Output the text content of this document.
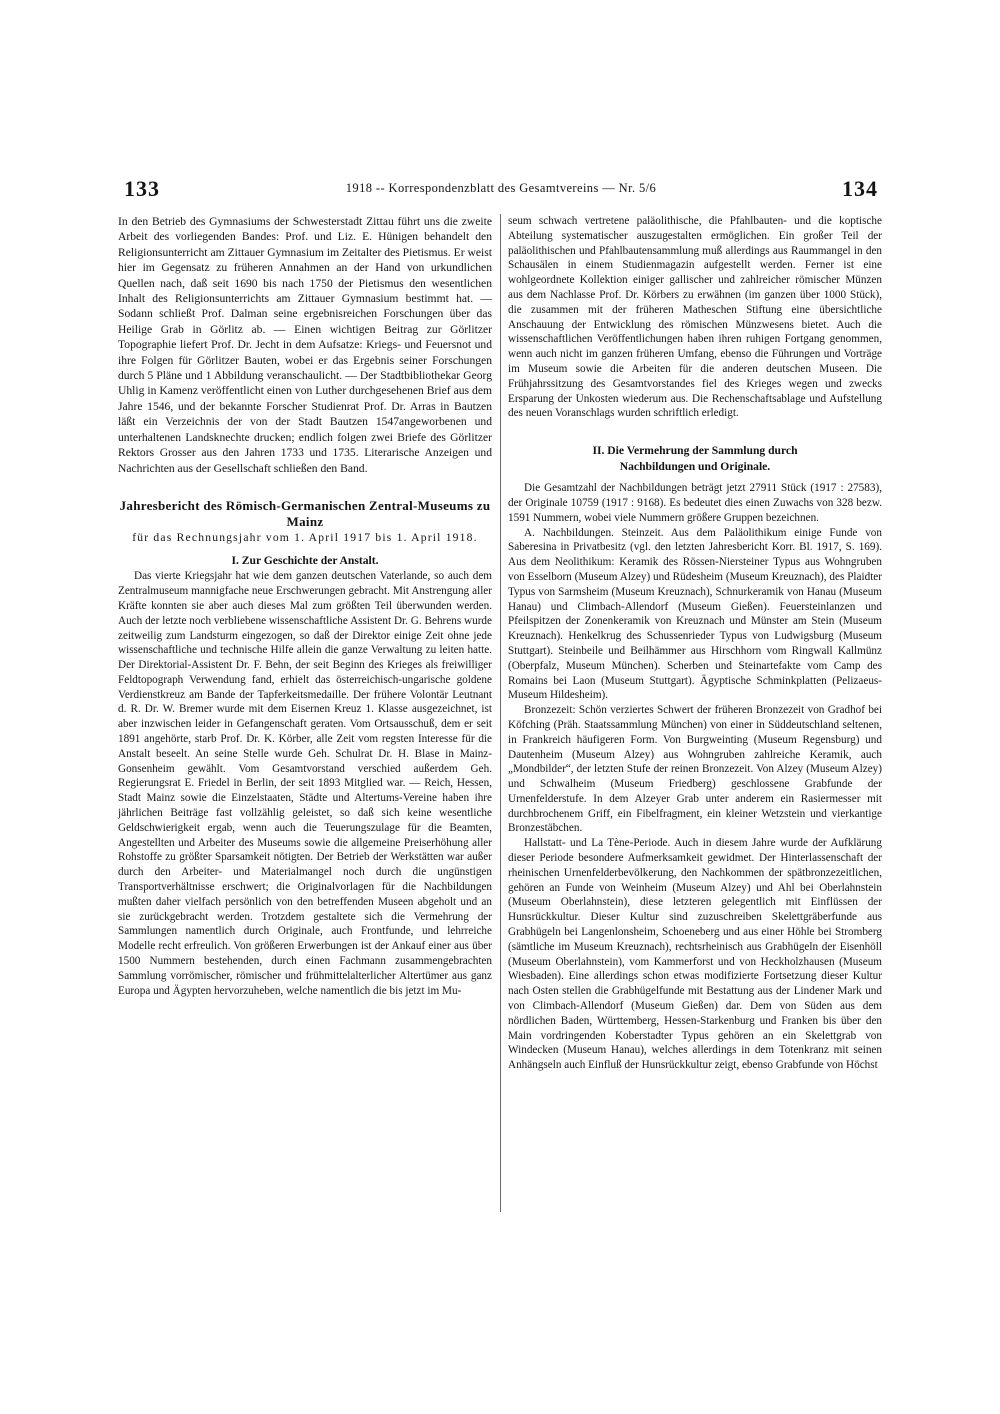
133	1918 -- Korrespondenzblatt des Gesamtvereins — Nr. 5/6	134

In den Betrieb des Gymnasiums der Schwesterstadt Zittau führt uns die zweite Arbeit des vorliegenden Bandes: Prof. und Liz. E. Hünigen behandelt den Religionsunterricht am Zittauer Gymnasium im Zeitalter des Pietismus. Er weist hier im Gegensatz zu früheren Annahmen an der Hand von urkundlichen Quellen nach, daß seit 1690 bis nach 1750 der Pietismus den wesentlichen Inhalt des Religionsunterrichts am Zittauer Gymnasium bestimmt hat. — Sodann schließt Prof. Dalman seine ergebnisreichen Forschungen über das Heilige Grab in Görlitz ab. — Einen wichtigen Beitrag zur Görlitzer Topographie liefert Prof. Dr. Jecht in dem Aufsatze: Kriegs- und Feuersnot und ihre Folgen für Görlitzer Bauten, wobei er das Ergebnis seiner Forschungen durch 5 Pläne und 1 Abbildung veranschaulicht. — Der Stadtbibliothekar Georg Uhlig in Kamenz veröffentlicht einen von Luther durchgesehenen Brief aus dem Jahre 1546, und der bekannte Forscher Studienrat Prof. Dr. Arras in Bautzen läßt ein Verzeichnis der von der Stadt Bautzen 1547angeworbenen und unterhaltenen Landsknechte drucken; endlich folgen zwei Briefe des Görlitzer Rektors Grosser aus den Jahren 1733 und 1735. Literarische Anzeigen und Nachrichten aus der Gesellschaft schließen den Band.

Jahresbericht des Römisch-Germanischen Zentral-Museums zu Mainz
für das Rechnungsjahr vom 1. April 1917 bis 1. April 1918.
I. Zur Geschichte der Anstalt.

Das vierte Kriegsjahr hat wie dem ganzen deutschen Vaterlande, so auch dem Zentralmuseum mannigfache neue Erschwerungen gebracht. Mit Anstrengung aller Kräfte konnten sie aber auch dieses Mal zum größten Teil überwunden werden. Auch der letzte noch verbliebene wissenschaftliche Assistent Dr. G. Behrens wurde zeitweilig zum Landsturm eingezogen, so daß der Direktor einige Zeit ohne jede wissenschaftliche und technische Hilfe allein die ganze Verwaltung zu leiten hatte. Der Direktorial-Assistent Dr. F. Behn, der seit Beginn des Krieges als freiwilliger Feldtopograph Verwendung fand, erhielt das österreichisch-ungarische goldene Verdienstkreuz am Bande der Tapferkeitsmedaille. Der frühere Volontär Leutnant d. R. Dr. W. Bremer wurde mit dem Eisernen Kreuz 1. Klasse ausgezeichnet, ist aber inzwischen leider in Gefangenschaft geraten. Vom Ortsausschuß, dem er seit 1891 angehörte, starb Prof. Dr. K. Körber, alle Zeit vom regsten Interesse für die Anstalt beseelt. An seine Stelle wurde Geh. Schulrat Dr. H. Blase in Mainz-Gonsenheim gewählt. Vom Gesamtvorstand verschied außerdem Geh. Regierungsrat E. Friedel in Berlin, der seit 1893 Mitglied war. — Reich, Hessen, Stadt Mainz sowie die Einzelstaaten, Städte und Altertums-Vereine haben ihre jährlichen Beiträge fast vollzählig geleistet, so daß sich keine wesentliche Geldschwierigkeit ergab, wenn auch die Teuerungszulage für die Beamten, Angestellten und Arbeiter des Museums sowie die allgemeine Preiserhöhung aller Rohstoffe zu größter Sparsamkeit nötigten. Der Betrieb der Werkstätten war außer durch den Arbeiter- und Materialmangel noch durch die ungünstigen Transportverhältnisse erschwert; die Originalvorlagen für die Nachbildungen mußten daher vielfach persönlich von den betreffenden Museen abgeholt und an sie zurückgebracht werden. Trotzdem gestaltete sich die Vermehrung der Sammlungen namentlich durch Originale, auch Frontfunde, und lehrreiche Modelle recht erfreulich. Von größeren Erwerbungen ist der Ankauf einer aus über 1500 Nummern bestehenden, durch einen Fachmann zusammengebrachten Sammlung vorrömischer, römischer und frühmittelalterlicher Altertümer aus ganz Europa und Ägypten hervorzuheben, welche namentlich die bis jetzt im Mu-

seum schwach vertretene paläolithische, die Pfahlbauten- und die koptische Abteilung systematischer auszugestalten ermöglichen. Ein großer Teil der paläolithischen und Pfahlbautensammlung muß allerdings aus Raummangel in den Schausälen in einem Studienmagazin aufgestellt werden. Ferner ist eine wohlgeordnete Kollektion einiger gallischer und zahlreicher römischer Münzen aus dem Nachlasse Prof. Dr. Körbers zu erwähnen (im ganzen über 1000 Stück), die zusammen mit der früheren Matheschen Stiftung eine übersichtliche Anschauung der Entwicklung des römischen Münzwesens bietet. Auch die wissenschaftlichen Veröffentlichungen haben ihren ruhigen Fortgang genommen, wenn auch nicht im ganzen früheren Umfang, ebenso die Führungen und Vorträge im Museum sowie die Arbeiten für die anderen deutschen Museen. Die Frühjahrssitzung des Gesamtvorstandes fiel des Krieges wegen und zwecks Ersparung der Unkosten wiederum aus. Die Rechenschaftsablage und Aufstellung des neuen Voranschlags wurden schriftlich erledigt.

II. Die Vermehrung der Sammlung durch
Nachbildungen und Originale.

Die Gesamtzahl der Nachbildungen beträgt jetzt 27911 Stück (1917 : 27583), der Originale 10759 (1917 : 9168). Es bedeutet dies einen Zuwachs von 328 bezw. 1591 Nummern, wobei viele Nummern größere Gruppen bezeichnen.

A. Nachbildungen. Steinzeit. Aus dem Paläolithikum einige Funde von Saberesina in Privatbesitz (vgl. den letzten Jahresbericht Korr. Bl. 1917, S. 169). Aus dem Neolithikum: Keramik des Rössen-Niersteiner Typus aus Wohngruben von Esselborn (Museum Alzey) und Rüdesheim (Museum Kreuznach), des Plaidter Typus von Sarmsheim (Museum Kreuznach), Schnurkeramik von Hanau (Museum Hanau) und Climbach-Allendorf (Museum Gießen). Feuersteinlanzen und Pfeilspitzen der Zonenkeramik von Kreuznach und Münster am Stein (Museum Kreuznach). Henkelkrug des Schussenrieder Typus von Ludwigsburg (Museum Stuttgart). Steinbeile und Beilhämmer aus Hirschhorn vom Ringwall Kallmünz (Oberpfalz, Museum München). Scherben und Steinartefakte vom Camp des Romains bei Laon (Museum Stuttgart). Ägyptische Schminkplatten (Pelizaeus-Museum Hildesheim).

Bronzezeit: Schön verziertes Schwert der früheren Bronzezeit von Gradhof bei Köfching (Präh. Staatssammlung München) von einer in Süddeutschland seltenen, in Frankreich häufigeren Form. Von Burgweinting (Museum Regensburg) und Dautenheim (Museum Alzey) aus Wohngruben zahlreiche Keramik, auch „Mondbilder“, der letzten Stufe der reinen Bronzezeit. Von Alzey (Museum Alzey) und Schwalheim (Museum Friedberg) geschlossene Grabfunde der Urnenfelderstufe. In dem Alzeyer Grab unter anderem ein Rasiermesser mit durchbrochenem Griff, ein Fibelfragment, ein kleiner Wetzstein und vierkantige Bronzestäbchen.

Hallstatt- und La Tène-Periode. Auch in diesem Jahre wurde der Aufklärung dieser Periode besondere Aufmerksamkeit gewidmet. Der Hinterlassenschaft der rheinischen Urnenfelderbevölkerung, den Nachkommen der spätbronzezeitlichen, gehören an Funde von Weinheim (Museum Alzey) und Ahl bei Oberlahnstein (Museum Oberlahnstein), diese letzteren gelegentlich mit Einflüssen der Hunsrückkultur. Dieser Kultur sind zuzuschreiben Skelettgräberfunde aus Grabhügeln bei Langenlonsheim, Schoeneberg und aus einer Höhle bei Stromberg (sämtliche im Museum Kreuznach), rechtsrheinisch aus Grabhügeln der Eisenhöll (Museum Oberlahnstein), vom Kammerforst und von Heckholzhausen (Museum Wiesbaden). Eine allerdings schon etwas modifizierte Fortsetzung dieser Kultur nach Osten stellen die Grabhügelfunde mit Bestattung aus der Lindener Mark und von Climbach-Allendorf (Museum Gießen) dar. Dem von Süden aus dem nördlichen Baden, Württemberg, Hessen-Starkenburg und Franken bis über den Main vordringenden Koberstadter Typus gehören an ein Skelettgrab von Windecken (Museum Hanau), welches allerdings in dem Totenkranz mit seinen Anhängseln auch Einfluß der Hunsrückkultur zeigt, ebenso Grabfunde von Höchst
